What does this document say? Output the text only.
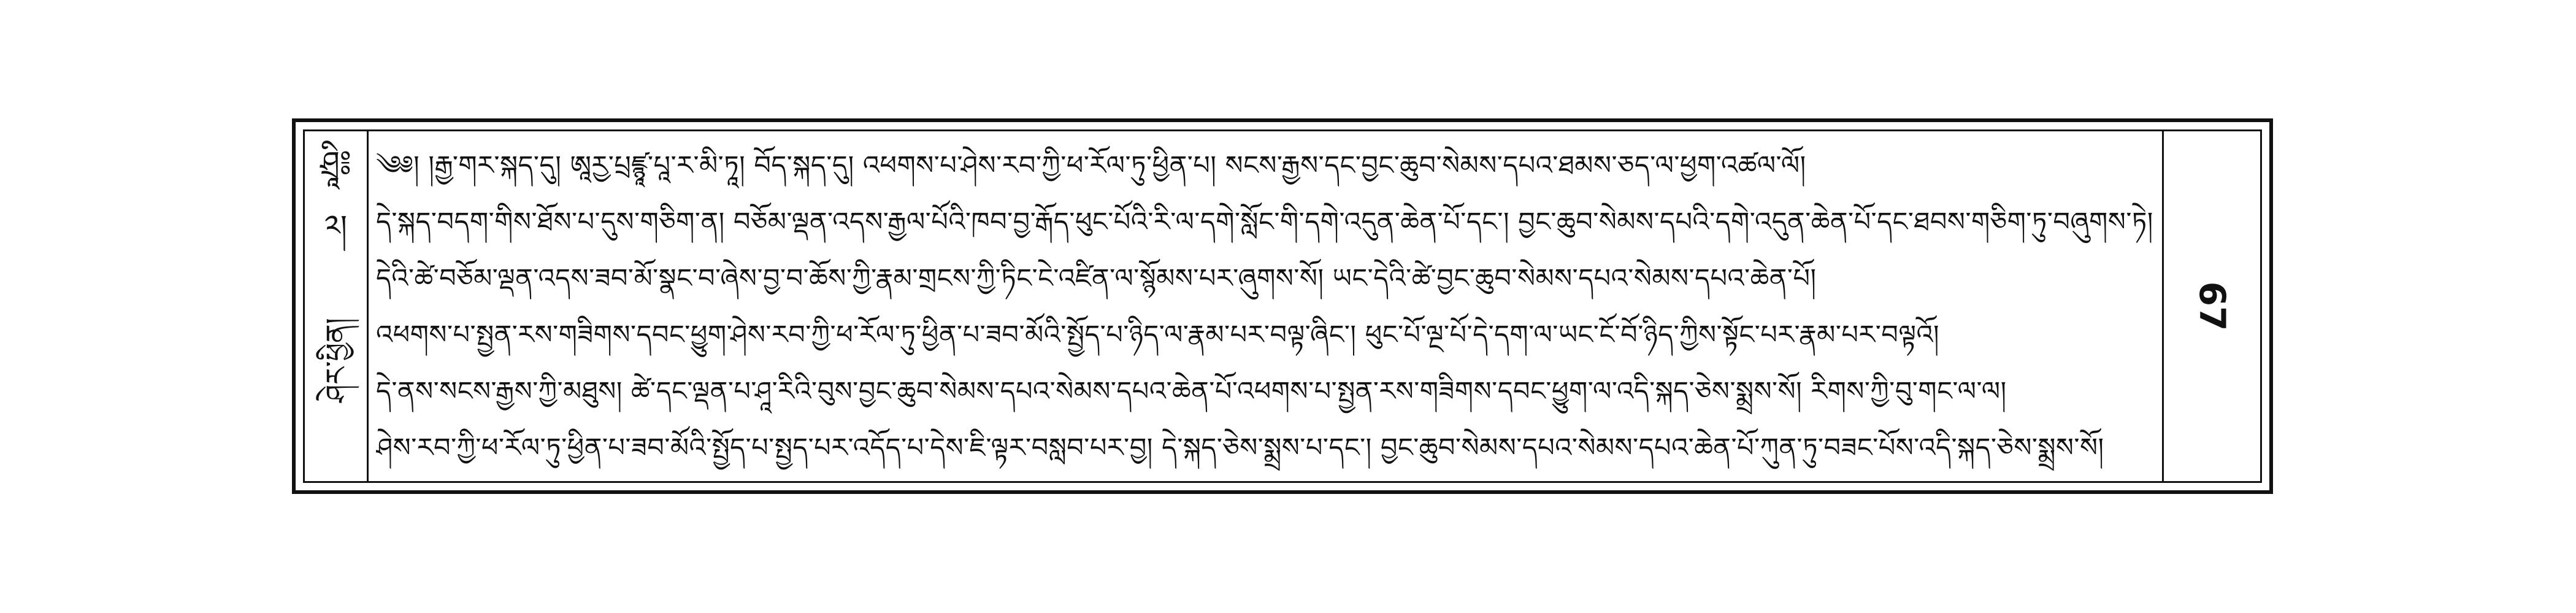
ཤྲཱི༔
༢།
ཤེར་ཕྱིན།
༄༅། །རྒྱ་གར་སྐད་དུ། ཨཱརྱ་པྲཛྙཱ་པཱ་ར་མི་ཏཱ། བོད་སྐད་དུ། འཕགས་པ་ཤེས་རབ་ཀྱི་ཕ་རོལ་ཏུ་ཕྱིན་པ། སངས་རྒྱས་དང་བྱང་ཆུབ་སེམས་དཔའ་ཐམས་ཅད་ལ་ཕྱག་འཚལ་ལོ།
དེ་སྐད་བདག་གིས་ཐོས་པ་དུས་གཅིག་ན། བཅོམ་ལྡན་འདས་རྒྱལ་པོའི་ཁབ་བྱ་རྒོད་ཕུང་པོའི་རི་ལ་དགེ་སློང་གི་དགེ་འདུན་ཆེན་པོ་དང་། བྱང་ཆུབ་སེམས་དཔའི་དགེ་འདུན་ཆེན་པོ་དང་ཐབས་གཅིག་ཏུ་བཞུགས་ཏེ།
དེའི་ཚེ་བཅོམ་ལྡན་འདས་ཟབ་མོ་སྣང་བ་ཞེས་བྱ་བ་ཆོས་ཀྱི་རྣམ་གྲངས་ཀྱི་ཏིང་ངེ་འཛིན་ལ་སྙོམས་པར་ཞུགས་སོ། ཡང་དེའི་ཚེ་བྱང་ཆུབ་སེམས་དཔའ་སེམས་དཔའ་ཆེན་པོ།
འཕགས་པ་སྤྱན་རས་གཟིགས་དབང་ཕྱུག་ཤེས་རབ་ཀྱི་ཕ་རོལ་ཏུ་ཕྱིན་པ་ཟབ་མོའི་སྤྱོད་པ་ཉིད་ལ་རྣམ་པར་བལྟ་ཞིང་། ཕུང་པོ་ལྔ་པོ་དེ་དག་ལ་ཡང་ངོ་བོ་ཉིད་ཀྱིས་སྟོང་པར་རྣམ་པར་བལྟའོ།
དེ་ནས་སངས་རྒྱས་ཀྱི་མཐུས། ཚེ་དང་ལྡན་པ་ཤཱ་རིའི་བུས་བྱང་ཆུབ་སེམས་དཔའ་སེམས་དཔའ་ཆེན་པོ་འཕགས་པ་སྤྱན་རས་གཟིགས་དབང་ཕྱུག་ལ་འདི་སྐད་ཅེས་སྨྲས་སོ། རིགས་ཀྱི་བུ་གང་ལ་ལ།
ཤེས་རབ་ཀྱི་ཕ་རོལ་ཏུ་ཕྱིན་པ་ཟབ་མོའི་སྤྱོད་པ་སྤྱད་པར་འདོད་པ་དེས་ཇི་ལྟར་བསླབ་པར་བྱ། དེ་སྐད་ཅེས་སྨྲས་པ་དང་། བྱང་ཆུབ་སེམས་དཔའ་སེམས་དཔའ་ཆེན་པོ་ཀུན་ཏུ་བཟང་པོས་འདི་སྐད་ཅེས་སྨྲས་སོ།
67
